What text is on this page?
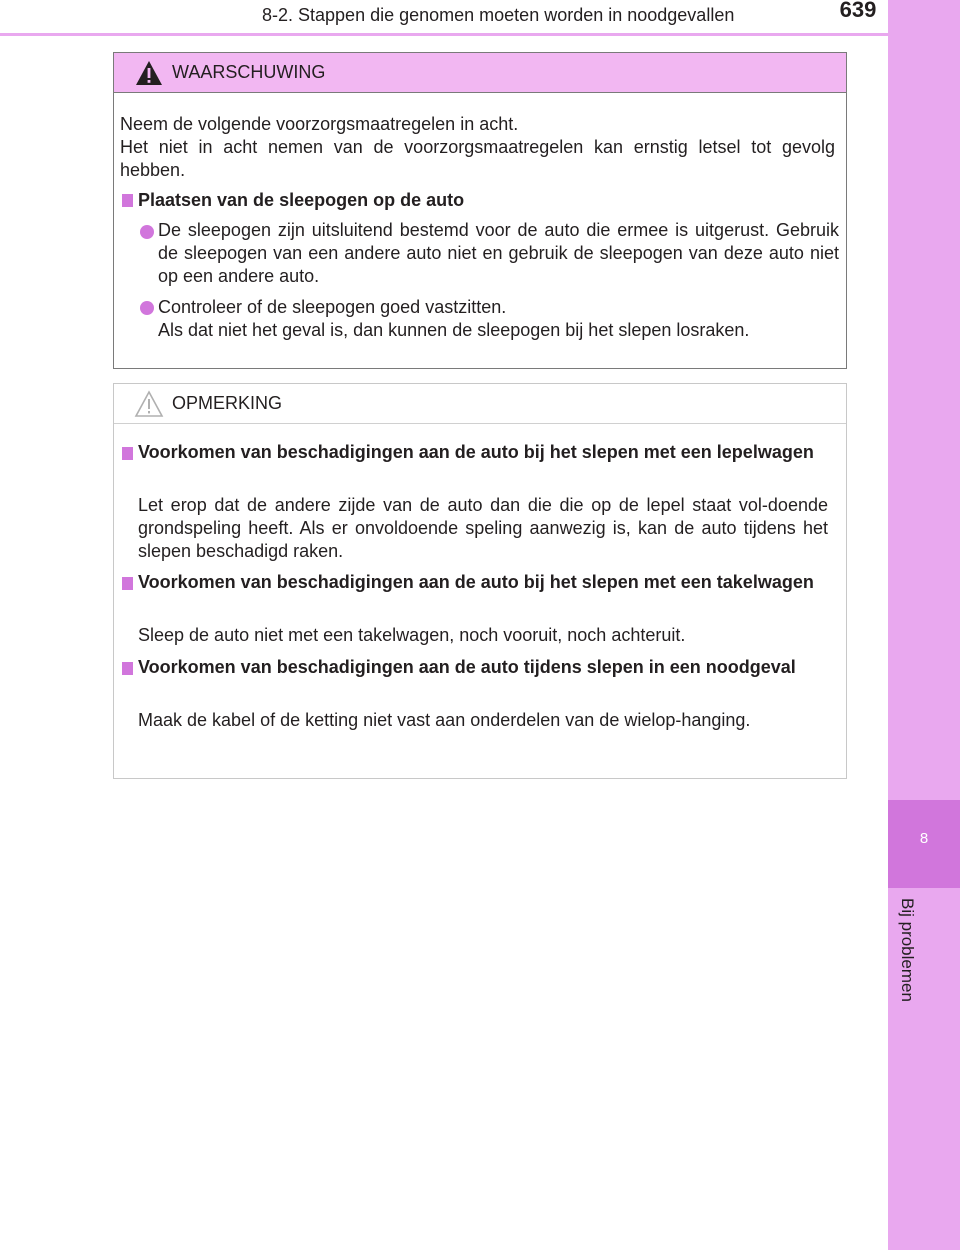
8-2. Stappen die genomen moeten worden in noodgevallen	639
8
Bij problemen
WAARSCHUWING
Neem de volgende voorzorgsmaatregelen in acht.
Het niet in acht nemen van de voorzorgsmaatregelen kan ernstig letsel tot gevolg hebben.
Plaatsen van de sleepogen op de auto
De sleepogen zijn uitsluitend bestemd voor de auto die ermee is uitgerust. Gebruik de sleepogen van een andere auto niet en gebruik de sleepogen van deze auto niet op een andere auto.
Controleer of de sleepogen goed vastzitten.
Als dat niet het geval is, dan kunnen de sleepogen bij het slepen losraken.
OPMERKING
Voorkomen van beschadigingen aan de auto bij het slepen met een lepelwagen
Let erop dat de andere zijde van de auto dan die die op de lepel staat vol-doende grondspeling heeft. Als er onvoldoende speling aanwezig is, kan de auto tijdens het slepen beschadigd raken.
Voorkomen van beschadigingen aan de auto bij het slepen met een takelwagen
Sleep de auto niet met een takelwagen, noch vooruit, noch achteruit.
Voorkomen van beschadigingen aan de auto tijdens slepen in een noodgeval
Maak de kabel of de ketting niet vast aan onderdelen van de wielop-hanging.
